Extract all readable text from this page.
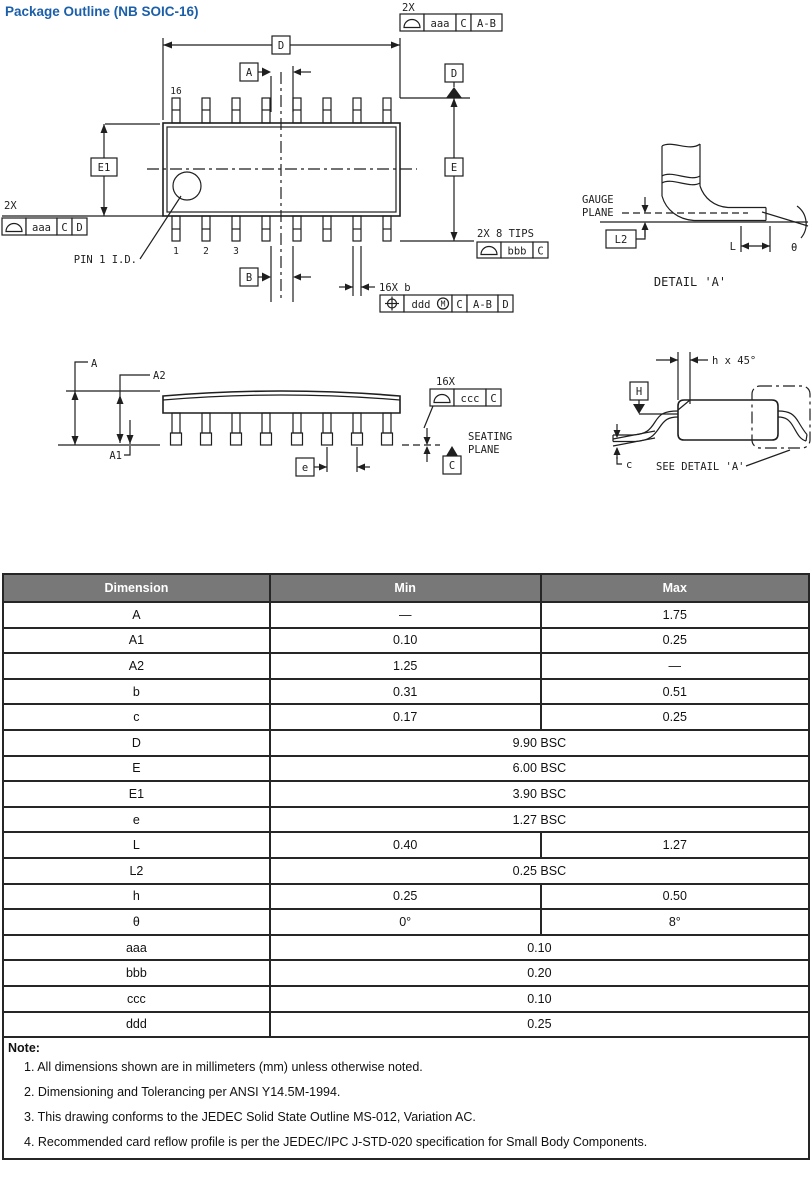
Package Outline (NB SOIC-16)
D
16
1	2	3
PIN 1 I.D.
A
2X
aaa C A-B
D
E
2X 8 TIPS
bbb C
E1
2X
aaa C D
B
16X b
ddd M C A-B D
GAUGE
PLANE
L2
L	θ
DETAIL 'A'
A
A2
A1
e
16X
ccc C
SEATING
PLANE
C
h x 45°
H
c SEE DETAIL 'A'
Dimension	Min	Max
A	—	1.75
A1	0.10	0.25
A2	1.25	—
b	0.31	0.51
c	0.17	0.25
D	9.90 BSC	
E	6.00 BSC	
E1	3.90 BSC	
e	1.27 BSC	
L	0.40	1.27
L2	0.25 BSC	
h	0.25	0.50
θ	0°	8°
aaa	0.10	
bbb	0.20	
ccc	0.10	
ddd	0.25	
Note:
1. All dimensions shown are in millimeters (mm) unless otherwise noted.
2. Dimensioning and Tolerancing per ANSI Y14.5M-1994.
3. This drawing conforms to the JEDEC Solid State Outline MS-012, Variation AC.
4. Recommended card reflow profile is per the JEDEC/IPC J-STD-020 specification for Small Body Components.
